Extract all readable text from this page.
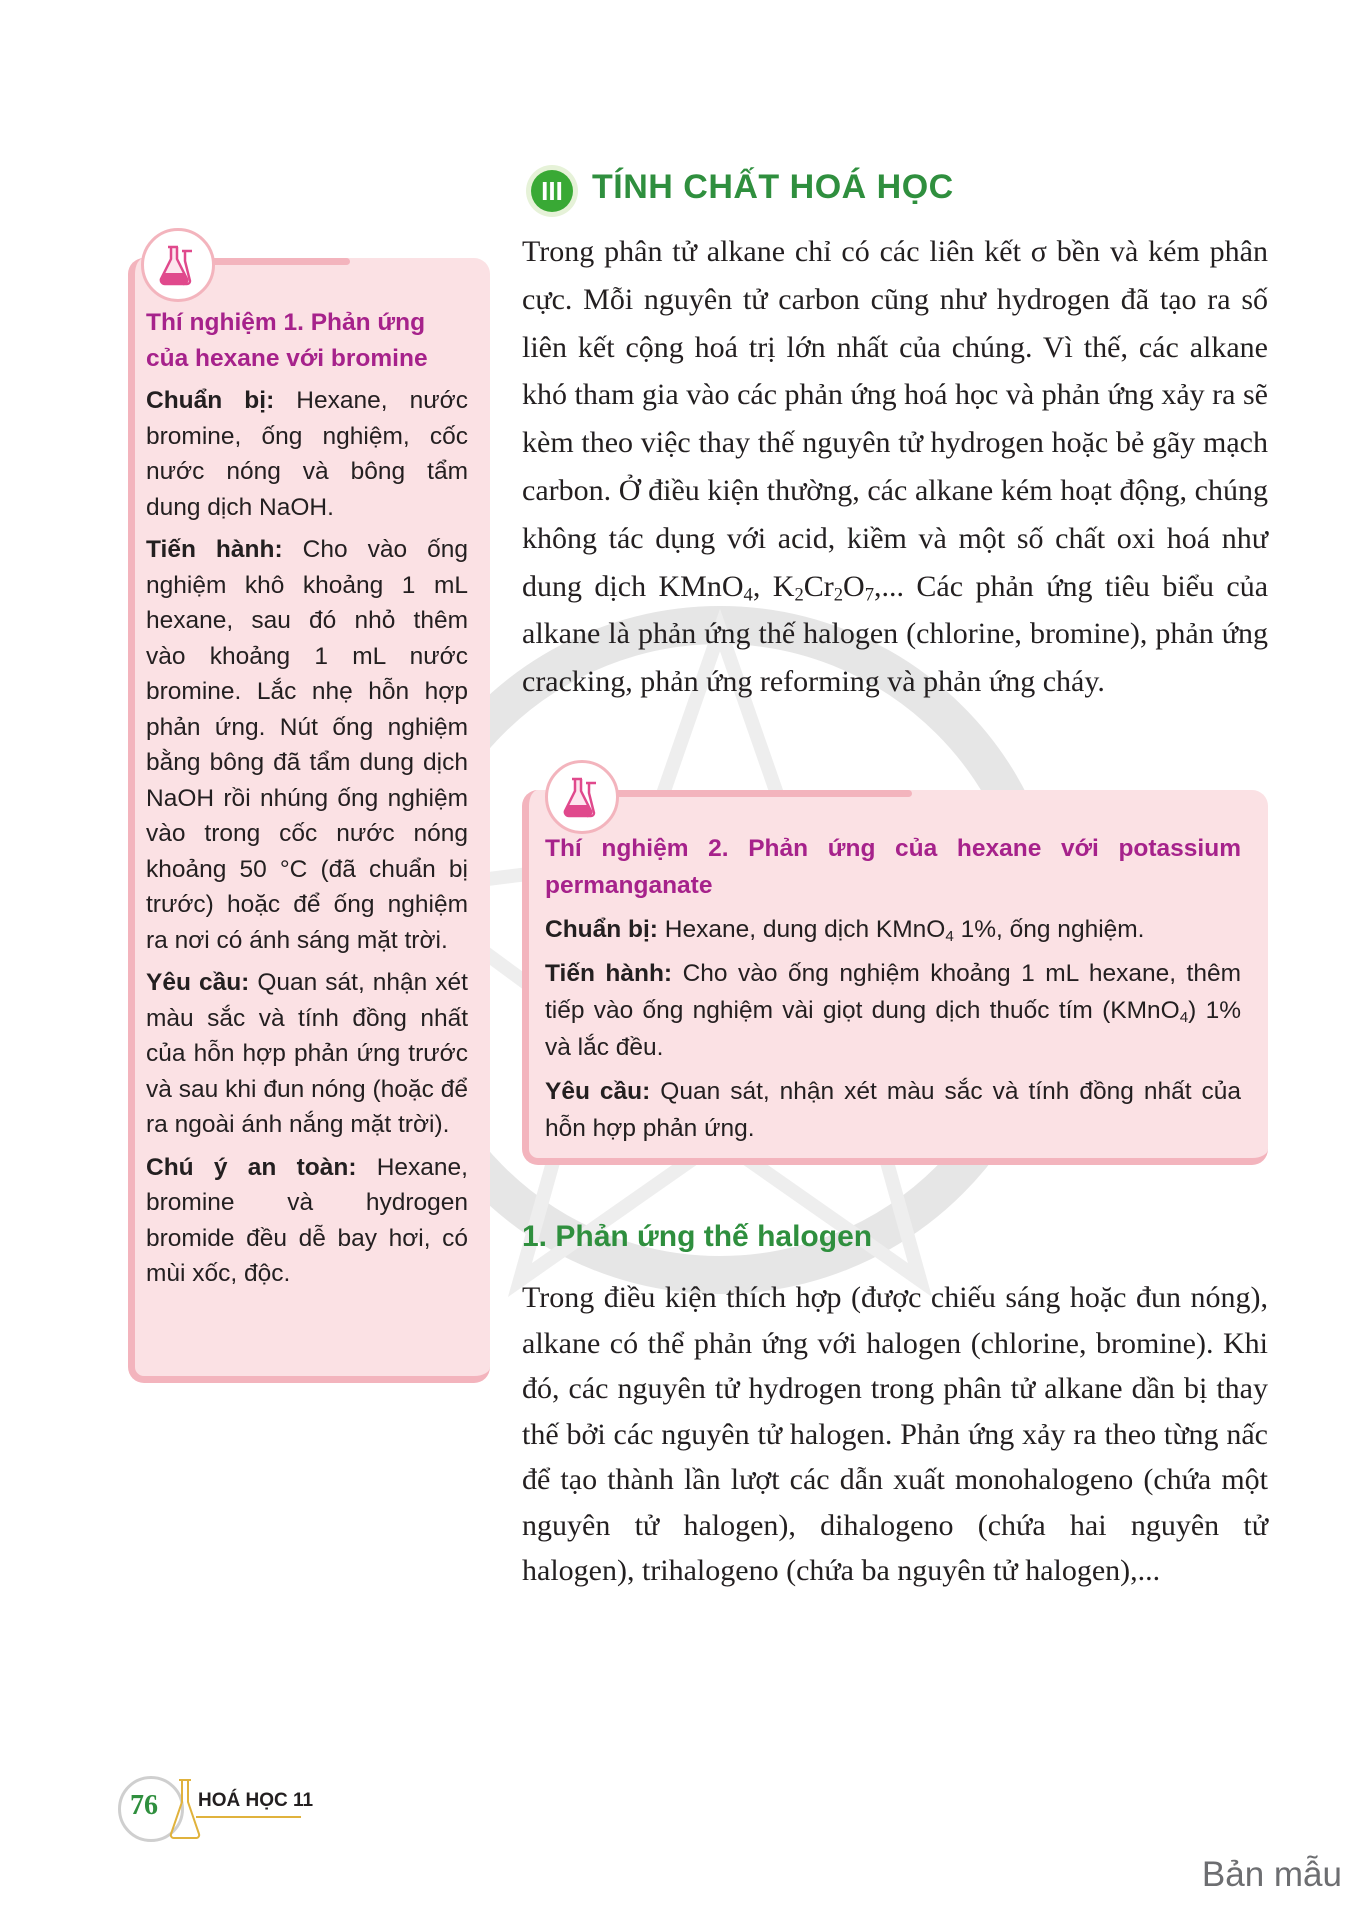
III TÍNH CHẤT HOÁ HỌC

Trong phân tử alkane chỉ có các liên kết σ bền và kém phân cực. Mỗi nguyên tử carbon cũng như hydrogen đã tạo ra số liên kết cộng hoá trị lớn nhất của chúng. Vì thế, các alkane khó tham gia vào các phản ứng hoá học và phản ứng xảy ra sẽ kèm theo việc thay thế nguyên tử hydrogen hoặc bẻ gãy mạch carbon. Ở điều kiện thường, các alkane kém hoạt động, chúng không tác dụng với acid, kiềm và một số chất oxi hoá như dung dịch KMnO$_4$, $K_2Cr_2O_7$,... Các phản ứng tiêu biểu của alkane là phản ứng thế halogen (chlorine, bromine), phản ứng cracking, phản ứng reforming và phản ứng cháy.

Thí nghiệm 1. Phản ứng của hexane với bromine

Chuẩn bị: Hexane, nước bromine, ống nghiệm, cốc nước nóng và bông tẩm dung dịch NaOH.

Tiến hành: Cho vào ống nghiệm khô khoảng 1 mL hexane, sau đó nhỏ thêm vào khoảng 1 mL nước bromine. Lắc nhẹ hỗn hợp phản ứng. Nút ống nghiệm bằng bông đã tẩm dung dịch NaOH rồi nhúng ống nghiệm vào trong cốc nước nóng khoảng 50 °C (đã chuẩn bị trước) hoặc để ống nghiệm ra nơi có ánh sáng mặt trời.

Yêu cầu: Quan sát, nhận xét màu sắc và tính đồng nhất của hỗn hợp phản ứng trước và sau khi đun nóng (hoặc để ra ngoài ánh nắng mặt trời).

Chú ý an toàn: Hexane, bromine và hydrogen bromide đều dễ bay hơi, có mùi xốc, độc.

Thí nghiệm 2. Phản ứng của hexane với potassium permanganate

Chuẩn bị: Hexane, dung dịch KMnO$_4$ 1%, ống nghiệm.

Tiến hành: Cho vào ống nghiệm khoảng 1 mL hexane, thêm tiếp vào ống nghiệm vài giọt dung dịch thuốc tím (KMnO$_4$) 1% và lắc đều.

Yêu cầu: Quan sát, nhận xét màu sắc và tính đồng nhất của hỗn hợp phản ứng.

1. Phản ứng thế halogen

Trong điều kiện thích hợp (được chiếu sáng hoặc đun nóng), alkane có thể phản ứng với halogen (chlorine, bromine). Khi đó, các nguyên tử hydrogen trong phân tử alkane dần bị thay thế bởi các nguyên tử halogen. Phản ứng xảy ra theo từng nấc để tạo thành lần lượt các dẫn xuất monohalogeno (chứa một nguyên tử halogen), dihalogeno (chứa hai nguyên tử halogen), trihalogeno (chứa ba nguyên tử halogen),...

76 HOÁ HỌC 11
Bản mẫu
